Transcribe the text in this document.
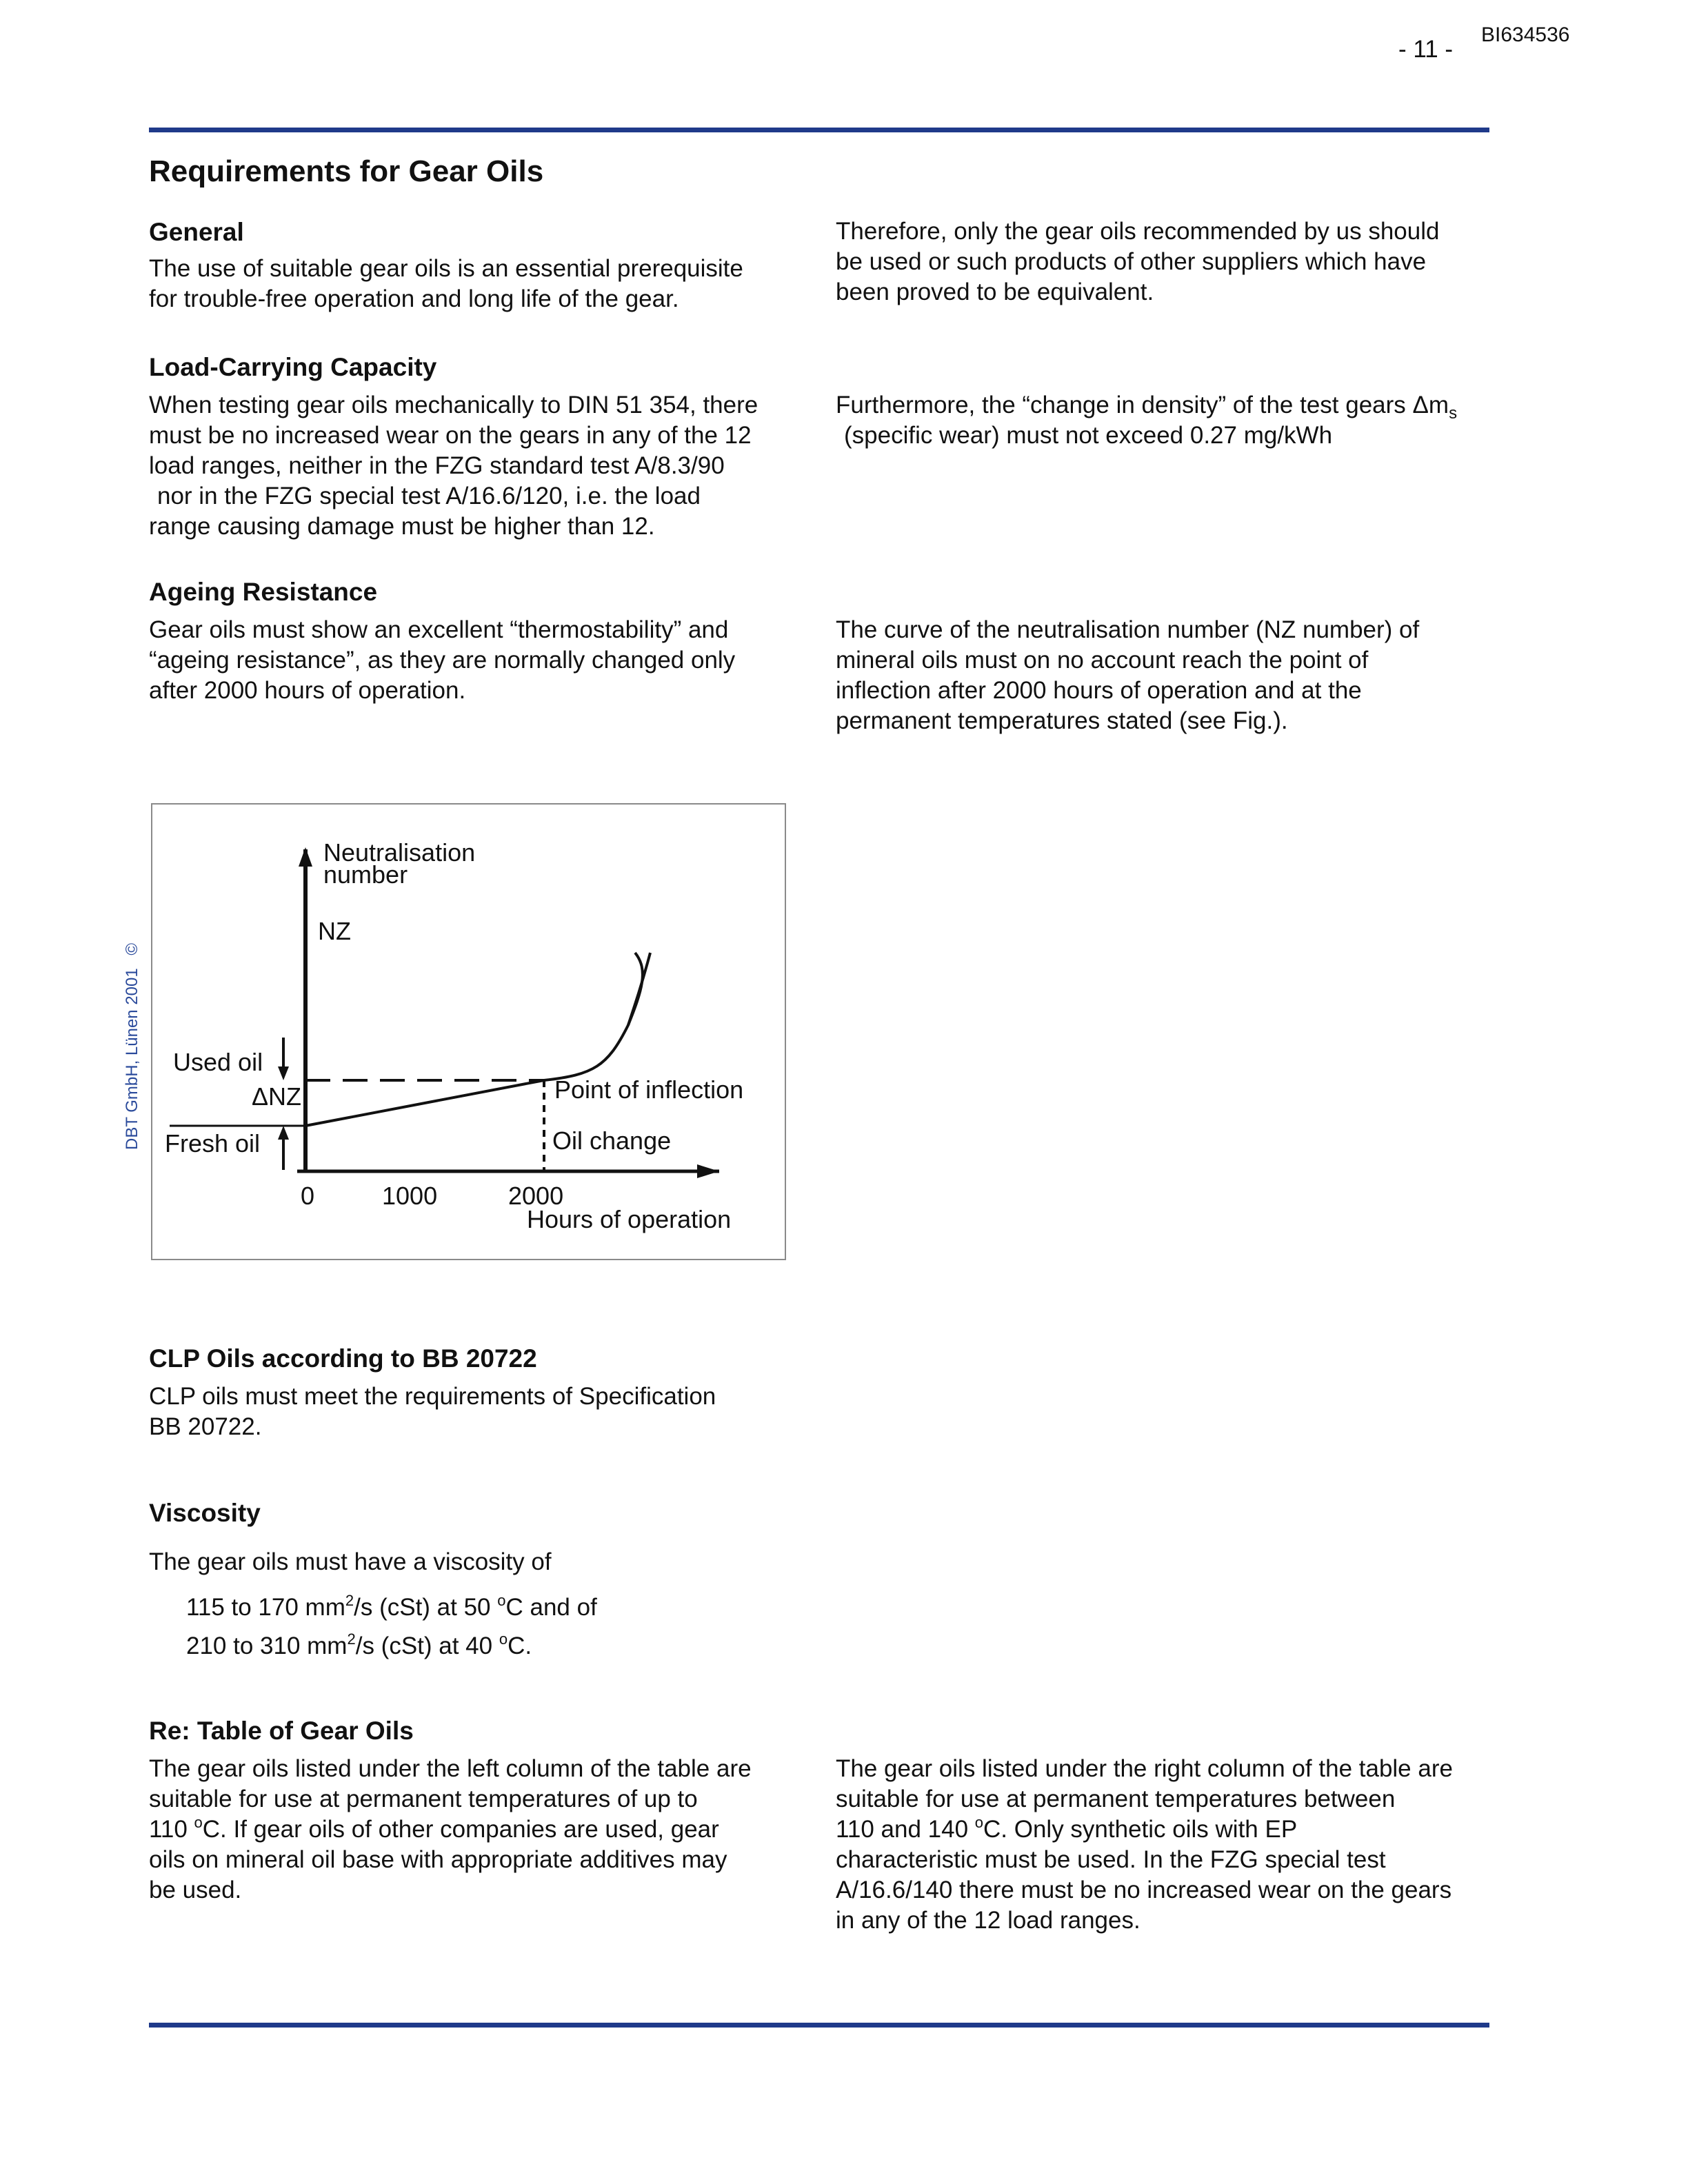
- 11 -
BI634536
Requirements for Gear Oils
General

The use of suitable gear oils is an essential prerequisite

for trouble-free operation and long life of the gear.

Therefore, only the gear oils recommended by us should

be used or such products of other suppliers which have

been proved to be equivalent.

Load-Carrying Capacity

When testing gear oils mechanically to DIN 51 354, there

must be no increased wear on the gears in any of the 12

load ranges, neither in the FZG standard test A/8.3/90

nor in the FZG special test A/16.6/120, i.e. the load

range causing damage must be higher than 12.

Furthermore, the “change in density” of the test gears $\Delta m_s$

(specific wear) must not exceed 0.27 mg/kWh

Ageing Resistance

Gear oils must show an excellent “thermostability” and

“ageing resistance”, as they are normally changed only

after 2000 hours of operation.

The curve of the neutralisation number (NZ number) of

mineral oils must on no account reach the point of

inflection after 2000 hours of operation and at the

permanent temperatures stated (see Fig.).

Neutralisation
number
NZ
Used oil
ΔNZ
Fresh oil
Point of inflection
Oil change
0	1000	2000
Hours of operation
DBT GmbH, Lünen 2001 ©
CLP Oils according to BB 20722

CLP oils must meet the requirements of Specification

BB 20722.

Viscosity

The gear oils must have a viscosity of

115 to 170 $mm^2/s$ (cSt) at 50 $^o$C and of

210 to 310 $mm^2/s$ (cSt) at 40 $^o$C.

Re: Table of Gear Oils

The gear oils listed under the left column of the table are

suitable for use at permanent temperatures of up to

110 $^o$C. If gear oils of other companies are used, gear

oils on mineral oil base with appropriate additives may

be used.

The gear oils listed under the right column of the table are

suitable for use at permanent temperatures between

110 and 140 $^o$C. Only synthetic oils with EP

characteristic must be used. In the FZG special test

A/16.6/140 there must be no increased wear on the gears

in any of the 12 load ranges.
